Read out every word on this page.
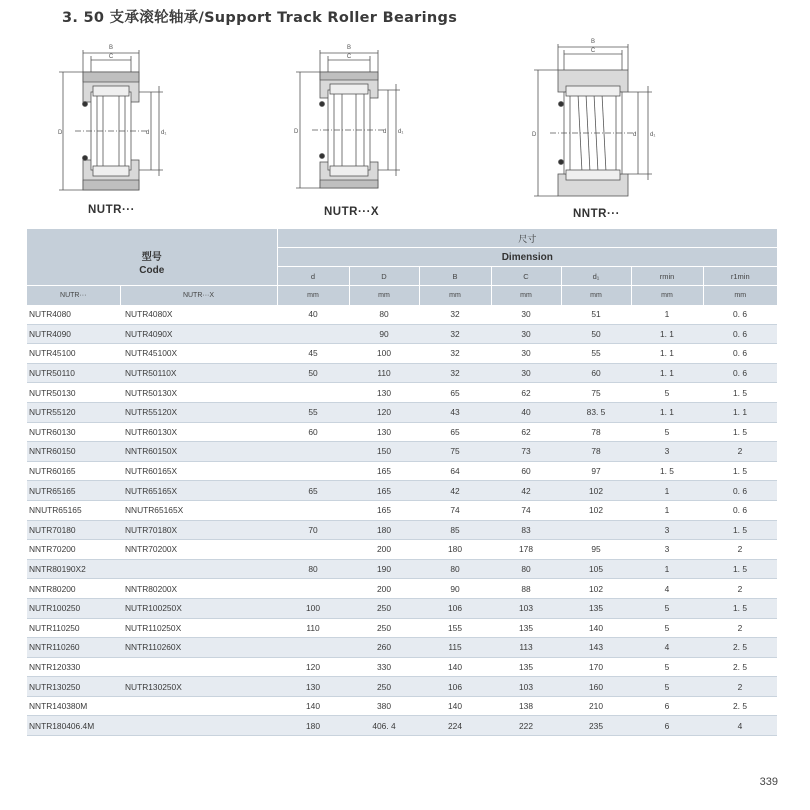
3. 50 支承滚轮轴承/Support Track Roller Bearings
B
C
D	d d₁
NUTR···
B
C
D	d d₁
NUTR···X
B
C
D	d d₁
NNTR···
型号
Code		尺寸						
		Dimension						
		d	D	B	C	d₁	rmin	r1min
NUTR···	NUTR···X	mm	mm	mm	mm	mm	mm	mm
NUTR4080	NUTR4080X	40	80	32	30	51	1	0. 6
NUTR4090	NUTR4090X		90	32	30	50	1. 1	0. 6
NUTR45100	NUTR45100X	45	100	32	30	55	1. 1	0. 6
NUTR50110	NUTR50110X	50	110	32	30	60	1. 1	0. 6
NUTR50130	NUTR50130X		130	65	62	75	5	1. 5
NUTR55120	NUTR55120X	55	120	43	40	83. 5	1. 1	1. 1
NUTR60130	NUTR60130X	60	130	65	62	78	5	1. 5
NNTR60150	NNTR60150X		150	75	73	78	3	2
NUTR60165	NUTR60165X		165	64	60	97	1. 5	1. 5
NUTR65165	NUTR65165X	65	165	42	42	102	1	0. 6
NNUTR65165	NNUTR65165X		165	74	74	102	1	0. 6
NUTR70180	NUTR70180X	70	180	85	83		3	1. 5
NNTR70200	NNTR70200X		200	180	178	95	3	2
NNTR80190X2		80	190	80	80	105	1	1. 5
NNTR80200	NNTR80200X		200	90	88	102	4	2
NUTR100250	NUTR100250X	100	250	106	103	135	5	1. 5
NUTR110250	NUTR110250X	110	250	155	135	140	5	2
NNTR110260	NNTR110260X		260	115	113	143	4	2. 5
NNTR120330		120	330	140	135	170	5	2. 5
NUTR130250	NUTR130250X	130	250	106	103	160	5	2
NNTR140380M		140	380	140	138	210	6	2. 5
NNTR180406.4M		180	406. 4	224	222	235	6	4
339
